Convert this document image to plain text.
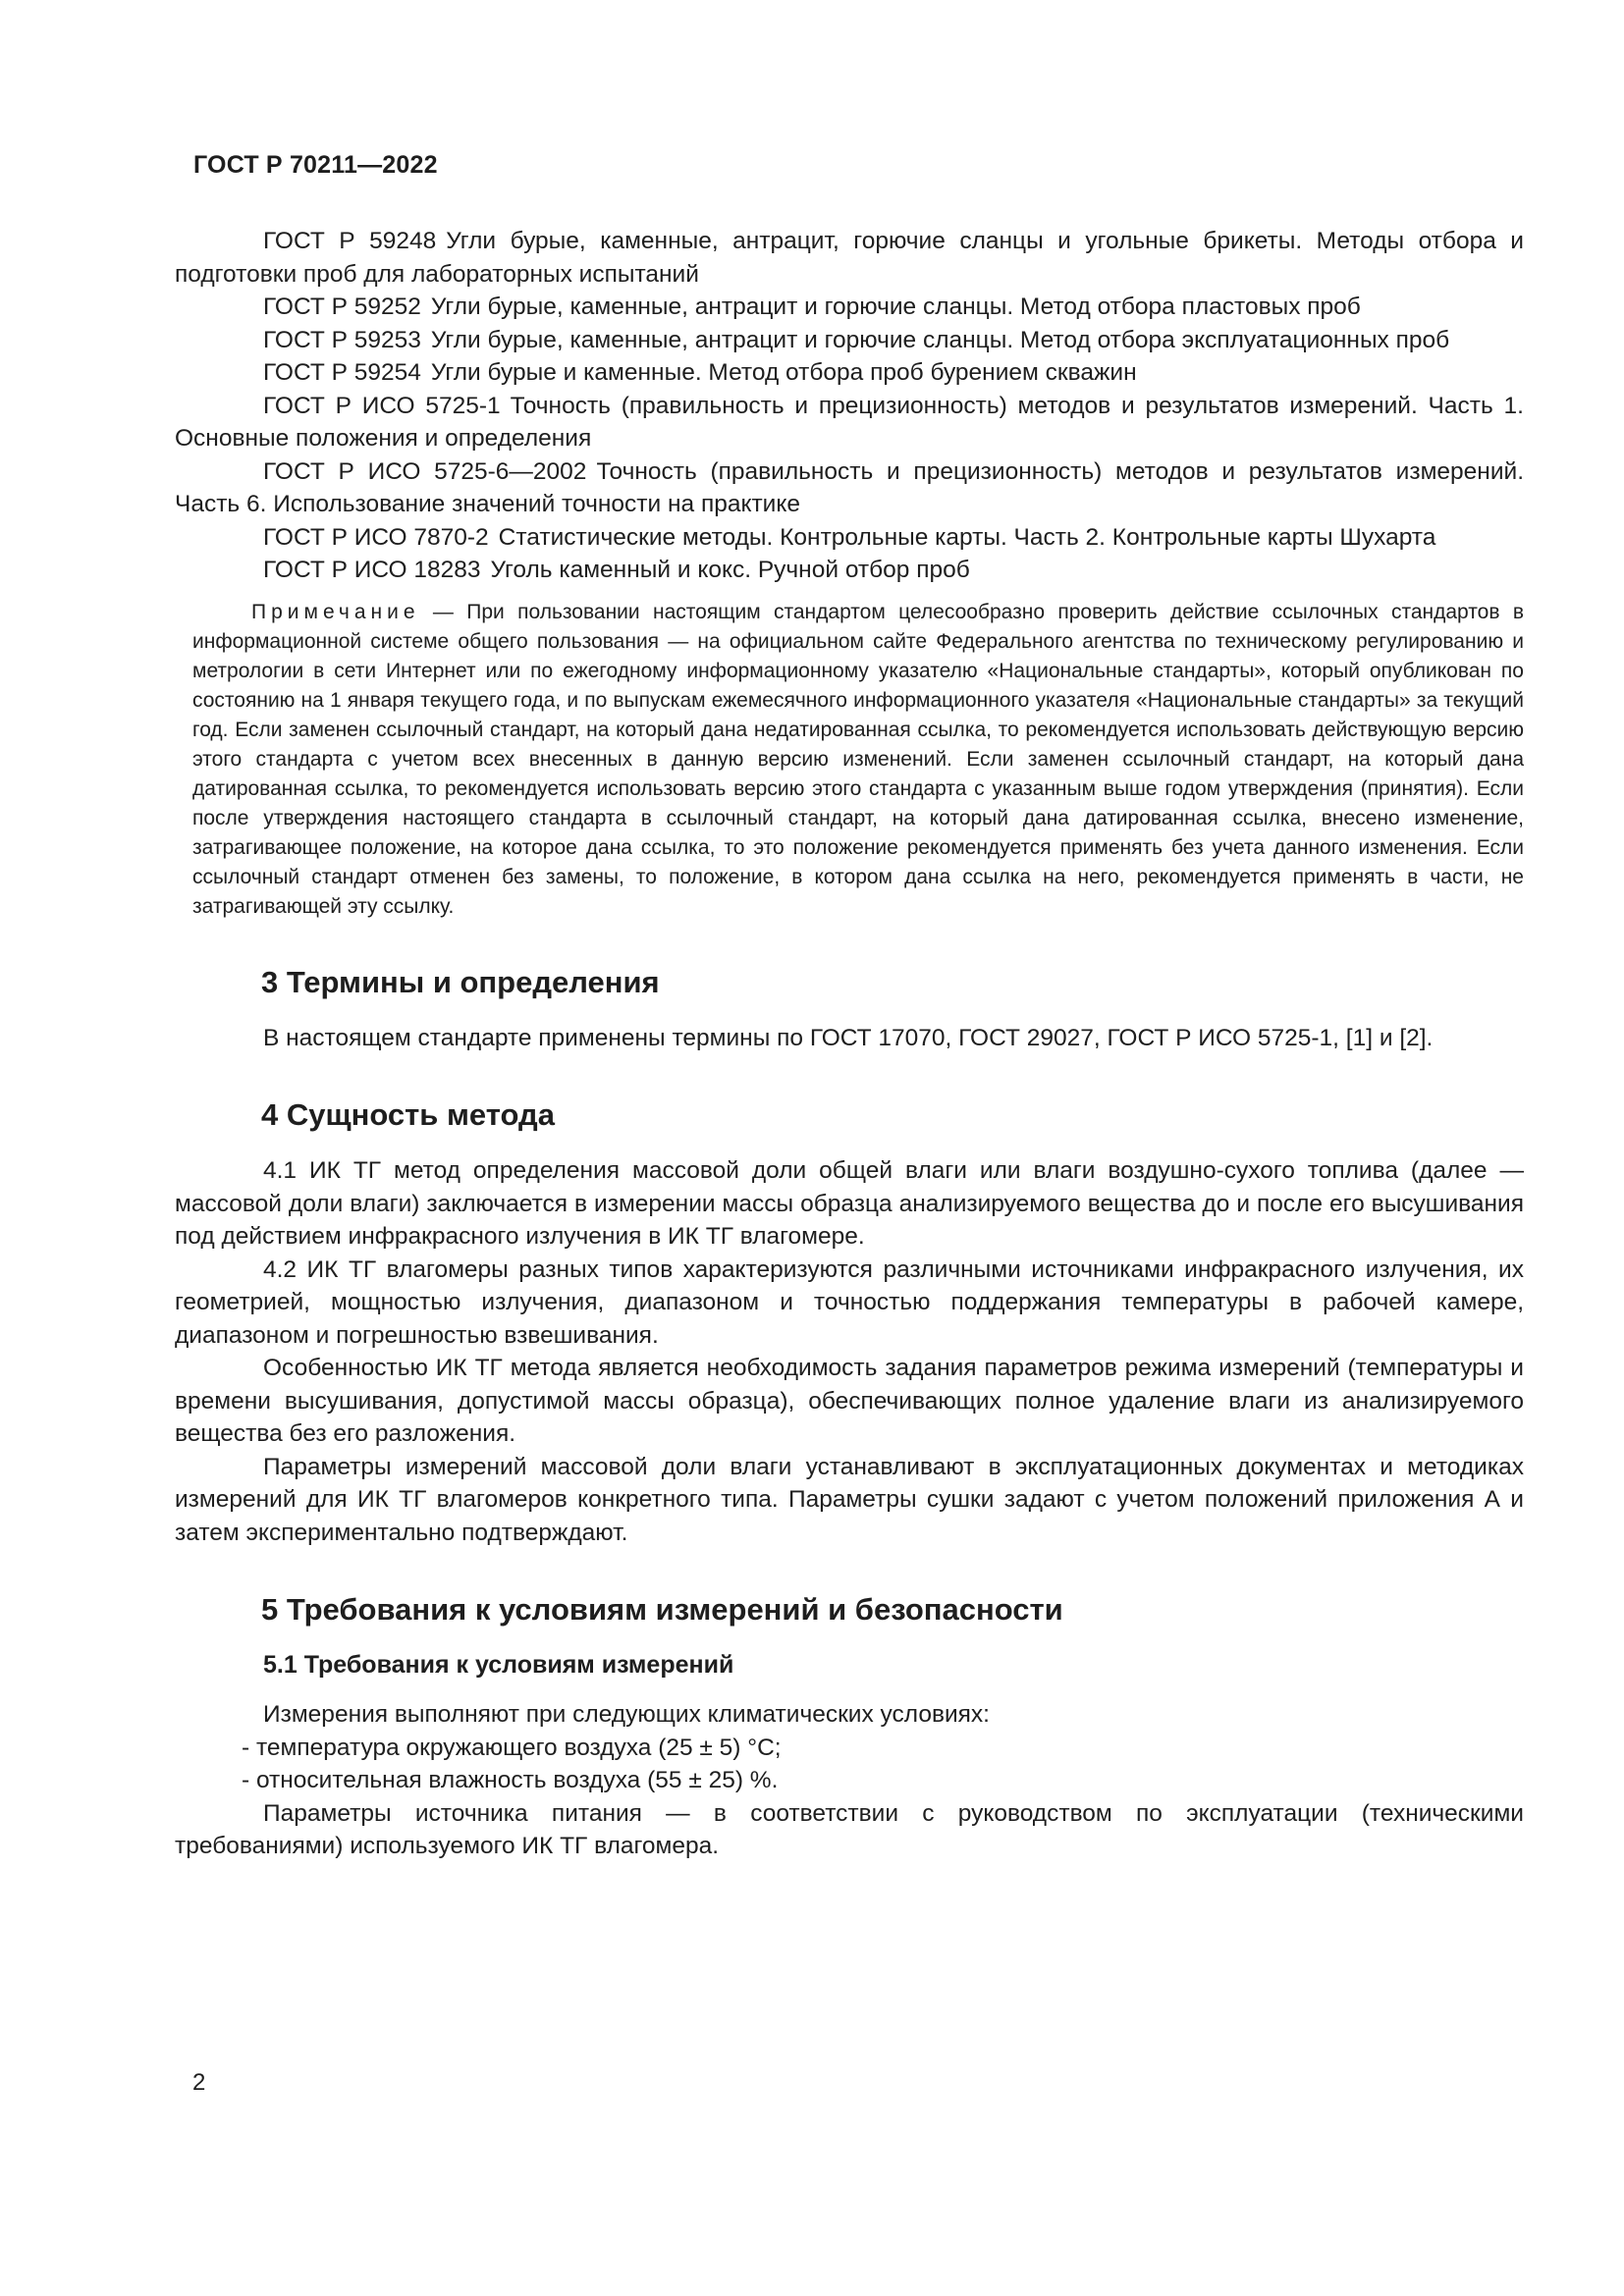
ГОСТ Р 70211—2022

ГОСТ Р 59248 Угли бурые, каменные, антрацит, горючие сланцы и угольные брикеты. Методы отбора и подготовки проб для лабораторных испытаний

ГОСТ Р 59252 Угли бурые, каменные, антрацит и горючие сланцы. Метод отбора пластовых проб

ГОСТ Р 59253 Угли бурые, каменные, антрацит и горючие сланцы. Метод отбора эксплуатационных проб

ГОСТ Р 59254 Угли бурые и каменные. Метод отбора проб бурением скважин

ГОСТ Р ИСО 5725-1 Точность (правильность и прецизионность) методов и результатов измерений. Часть 1. Основные положения и определения

ГОСТ Р ИСО 5725-6—2002 Точность (правильность и прецизионность) методов и результатов измерений. Часть 6. Использование значений точности на практике

ГОСТ Р ИСО 7870-2 Статистические методы. Контрольные карты. Часть 2. Контрольные карты Шухарта

ГОСТ Р ИСО 18283 Уголь каменный и кокс. Ручной отбор проб

Примечание — При пользовании настоящим стандартом целесообразно проверить действие ссылочных стандартов в информационной системе общего пользования — на официальном сайте Федерального агентства по техническому регулированию и метрологии в сети Интернет или по ежегодному информационному указателю «Национальные стандарты», который опубликован по состоянию на 1 января текущего года, и по выпускам ежемесячного информационного указателя «Национальные стандарты» за текущий год. Если заменен ссылочный стандарт, на который дана недатированная ссылка, то рекомендуется использовать действующую версию этого стандарта с учетом всех внесенных в данную версию изменений. Если заменен ссылочный стандарт, на который дана датированная ссылка, то рекомендуется использовать версию этого стандарта с указанным выше годом утверждения (принятия). Если после утверждения настоящего стандарта в ссылочный стандарт, на который дана датированная ссылка, внесено изменение, затрагивающее положение, на которое дана ссылка, то это положение рекомендуется применять без учета данного изменения. Если ссылочный стандарт отменен без замены, то положение, в котором дана ссылка на него, рекомендуется применять в части, не затрагивающей эту ссылку.

3 Термины и определения

В настоящем стандарте применены термины по ГОСТ 17070, ГОСТ 29027, ГОСТ Р ИСО 5725-1, [1] и [2].

4 Сущность метода

4.1 ИК ТГ метод определения массовой доли общей влаги или влаги воздушно-сухого топлива (далее — массовой доли влаги) заключается в измерении массы образца анализируемого вещества до и после его высушивания под действием инфракрасного излучения в ИК ТГ влагомере.

4.2 ИК ТГ влагомеры разных типов характеризуются различными источниками инфракрасного излучения, их геометрией, мощностью излучения, диапазоном и точностью поддержания температуры в рабочей камере, диапазоном и погрешностью взвешивания.

Особенностью ИК ТГ метода является необходимость задания параметров режима измерений (температуры и времени высушивания, допустимой массы образца), обеспечивающих полное удаление влаги из анализируемого вещества без его разложения.

Параметры измерений массовой доли влаги устанавливают в эксплуатационных документах и методиках измерений для ИК ТГ влагомеров конкретного типа. Параметры сушки задают с учетом положений приложения А и затем экспериментально подтверждают.

5 Требования к условиям измерений и безопасности
5.1 Требования к условиям измерений

Измерения выполняют при следующих климатических условиях:

- температура окружающего воздуха (25 ± 5) °С;

- относительная влажность воздуха (55 ± 25) %.

Параметры источника питания — в соответствии с руководством по эксплуатации (техническими требованиями) используемого ИК ТГ влагомера.

2
